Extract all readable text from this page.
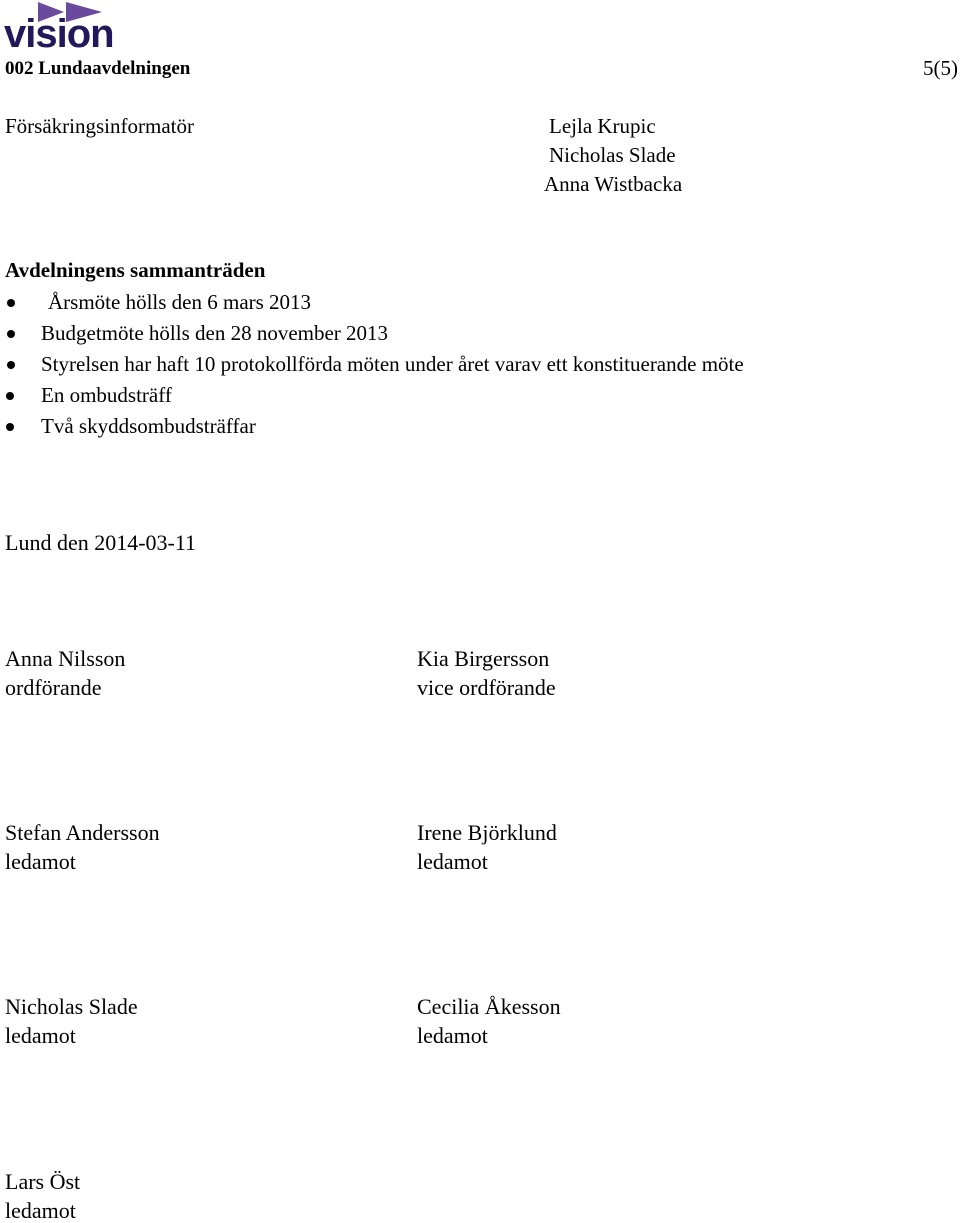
vision
002 Lundaavdelningen	5(5)
Försäkringsinformatör	Lejla Krupic
Nicholas Slade
Anna Wistbacka
Avdelningens sammanträden
Årsmöte hölls den 6 mars 2013
Budgetmöte hölls den 28 november 2013
Styrelsen har haft 10 protokollförda möten under året varav ett konstituerande möte
En ombudsträff
Två skyddsombudsträffar
Lund den 2014-03-11
Anna Nilsson
ordförande
Kia Birgersson
vice ordförande
Stefan Andersson
ledamot
Irene Björklund
ledamot
Nicholas Slade
ledamot
Cecilia Åkesson
ledamot
Lars Öst
ledamot
